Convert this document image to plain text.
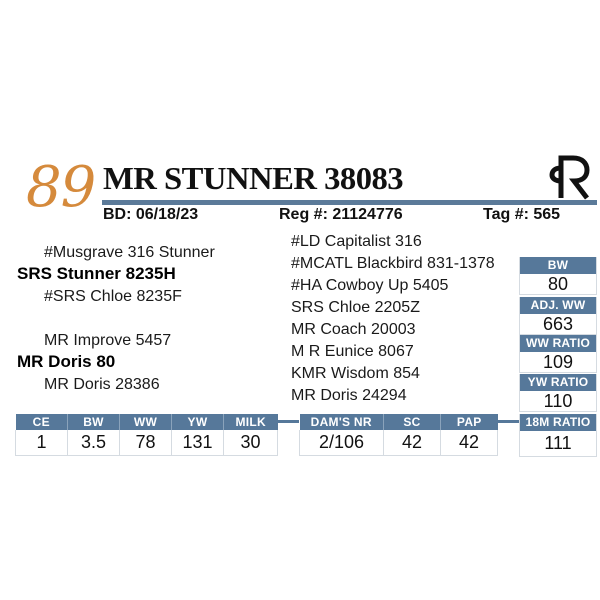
89 MR STUNNER 38083
BD: 06/18/23	Reg #: 21124776	Tag #: 565
#Musgrave 316 Stunner
SRS Stunner 8235H
#SRS Chloe 8235F
MR Improve 5457
MR Doris 80
MR Doris 28386
#LD Capitalist 316
#MCATL Blackbird 831-1378
#HA Cowboy Up 5405
SRS Chloe 2205Z
MR Coach 20003
M R Eunice 8067
KMR Wisdom 854
MR Doris 24294
BW
80
ADJ. WW
663
WW RATIO
109
YW RATIO
110
18M RATIO
111
CE	BW	WW	YW	MILK
1	3.5	78	131	30
DAM'S NR	SC	PAP
2/106	42	42
